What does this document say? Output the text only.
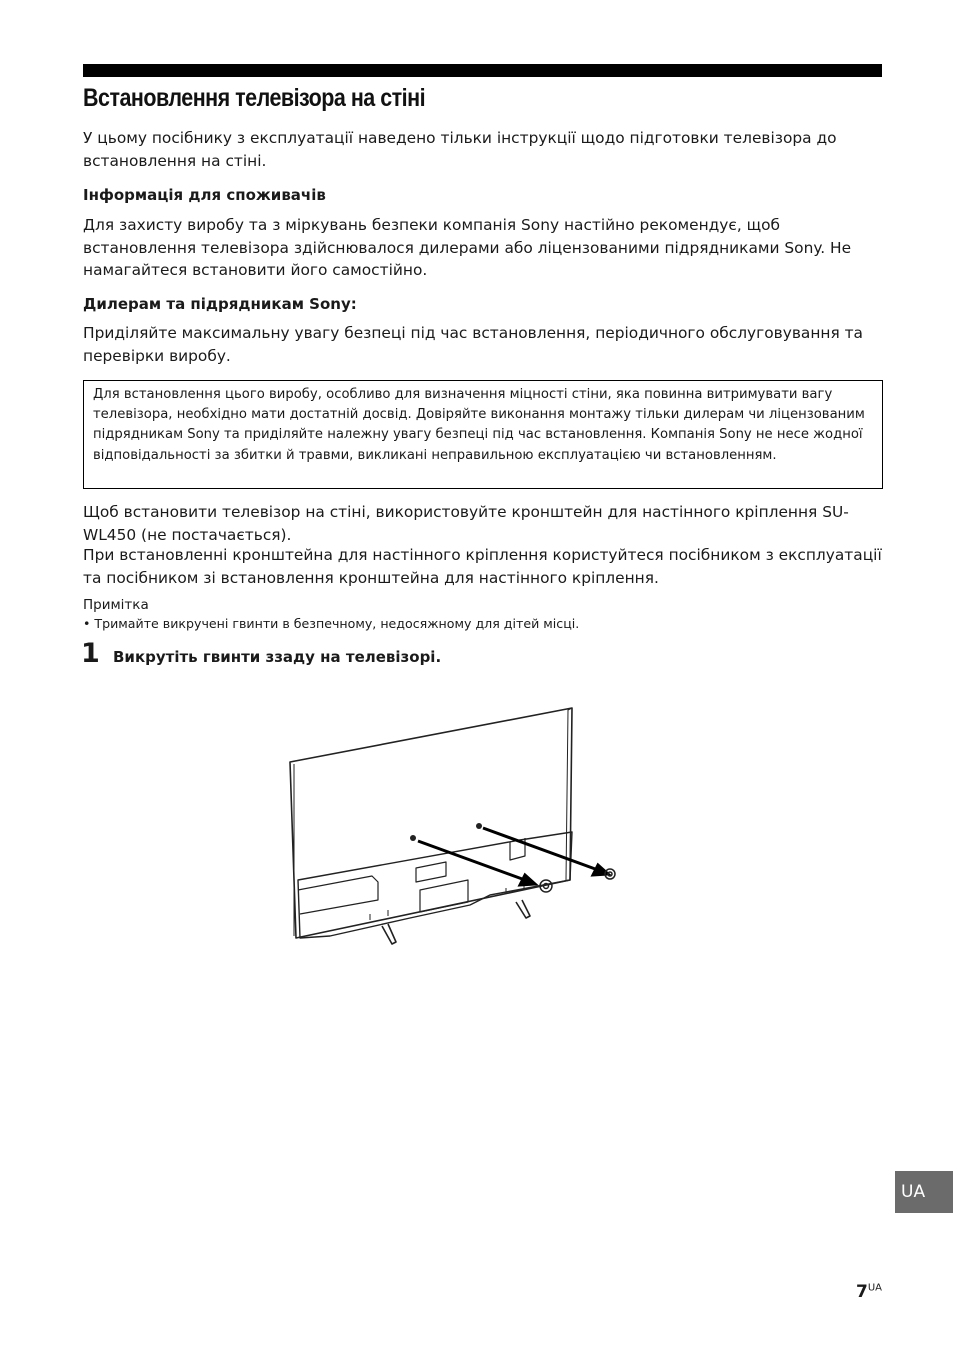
Встановлення телевізора на стіні

У цьому посібнику з експлуатації наведено тільки інструкції щодо підготовки телевізора до встановлення на стіні.

Інформація для споживачів

Для захисту виробу та з міркувань безпеки компанія Sony настійно рекомендує, щоб встановлення телевізора здійснювалося дилерами або ліцензованими підрядниками Sony. Не намагайтеся встановити його самостійно.

Дилерам та підрядникам Sony:

Приділяйте максимальну увагу безпеці під час встановлення, періодичного обслуговування та перевірки виробу.

Для встановлення цього виробу, особливо для визначення міцності стіни, яка повинна витримувати вагу телевізора, необхідно мати достатній досвід. Довіряйте виконання монтажу тільки дилерам чи ліцензованим підрядникам Sony та приділяйте належну увагу безпеці під час встановлення. Компанія Sony не несе жодної відповідальності за збитки й травми, викликані неправильною експлуатацією чи встановленням.

Щоб встановити телевізор на стіні, використовуйте кронштейн для настінного кріплення SU-WL450 (не постачається).

При встановленні кронштейна для настінного кріплення користуйтеся посібником з експлуатації та посібником зі встановлення кронштейна для настінного кріплення.

Примітка

• Тримайте викручені гвинти в безпечному, недосяжному для дітей місці.

1 Викрутіть гвинти ззаду на телевізорі.

UA
$7^{UA}$
